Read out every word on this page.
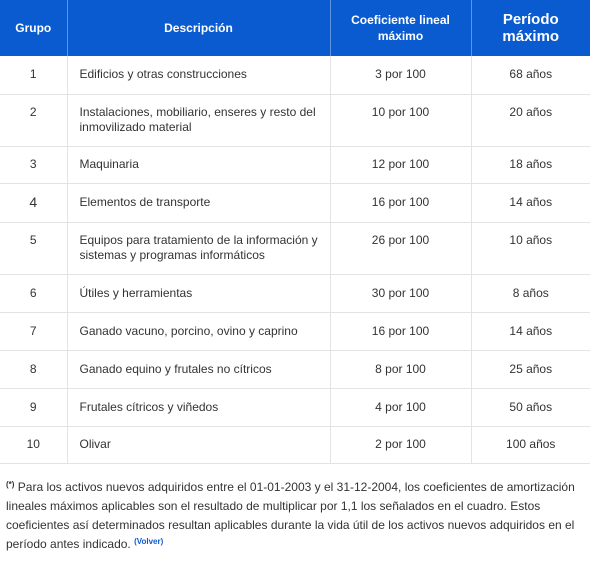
Grupo	Descripción	Coeficiente lineal máximo	Período máximo
1	Edificios y otras construcciones	3 por 100	68 años
2	Instalaciones, mobiliario, enseres y resto del inmovilizado material	10 por 100	20 años
3	Maquinaria	12 por 100	18 años
4	Elementos de transporte	16 por 100	14 años
5	Equipos para tratamiento de la información y sistemas y programas informáticos	26 por 100	10 años
6	Útiles y herramientas	30 por 100	8 años
7	Ganado vacuno, porcino, ovino y caprino	16 por 100	14 años
8	Ganado equino y frutales no cítricos	8 por 100	25 años
9	Frutales cítricos y viñedos	4 por 100	50 años
10	Olivar	2 por 100	100 años
(*) Para los activos nuevos adquiridos entre el 01-01-2003 y el 31-12-2004, los coeficientes de amortización lineales máximos aplicables son el resultado de multiplicar por 1,1 los señalados en el cuadro. Estos coeficientes así determinados resultan aplicables durante la vida útil de los activos nuevos adquiridos en el período antes indicado. $^{(Volver)}$
